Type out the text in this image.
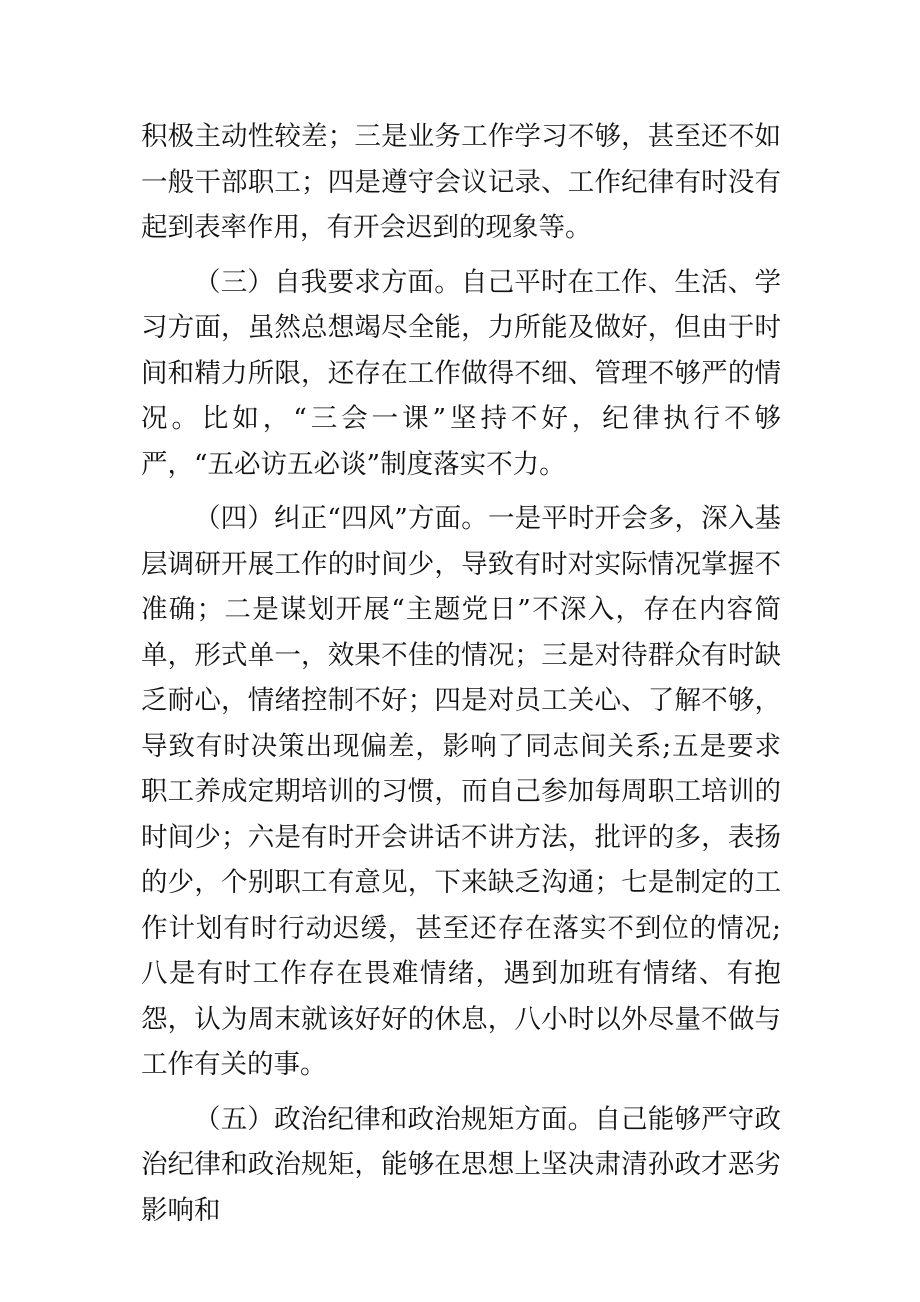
积极主动性较差；三是业务工作学习不够，甚至还不如一般干部职工；四是遵守会议记录、工作纪律有时没有起到表率作用，有开会迟到的现象等。

（三）自我要求方面。自己平时在工作、生活、学习方面，虽然总想竭尽全能，力所能及做好，但由于时间和精力所限，还存在工作做得不细、管理不够严的情况。比如，“三会一课”坚持不好，纪律执行不够严，“五必访五必谈”制度落实不力。

（四）纠正“四风”方面。一是平时开会多，深入基层调研开展工作的时间少，导致有时对实际情况掌握不准确；二是谋划开展“主题党日”不深入，存在内容简单，形式单一，效果不佳的情况；三是对待群众有时缺乏耐心，情绪控制不好；四是对员工关心、了解不够，导致有时决策出现偏差，影响了同志间关系;五是要求职工养成定期培训的习惯，而自己参加每周职工培训的时间少；六是有时开会讲话不讲方法，批评的多，表扬的少，个别职工有意见，下来缺乏沟通；七是制定的工作计划有时行动迟缓，甚至还存在落实不到位的情况;八是有时工作存在畏难情绪，遇到加班有情绪、有抱怨，认为周末就该好好的休息，八小时以外尽量不做与工作有关的事。

（五）政治纪律和政治规矩方面。自己能够严守政治纪律和政治规矩，能够在思想上坚决肃清孙政才恶劣影响和
